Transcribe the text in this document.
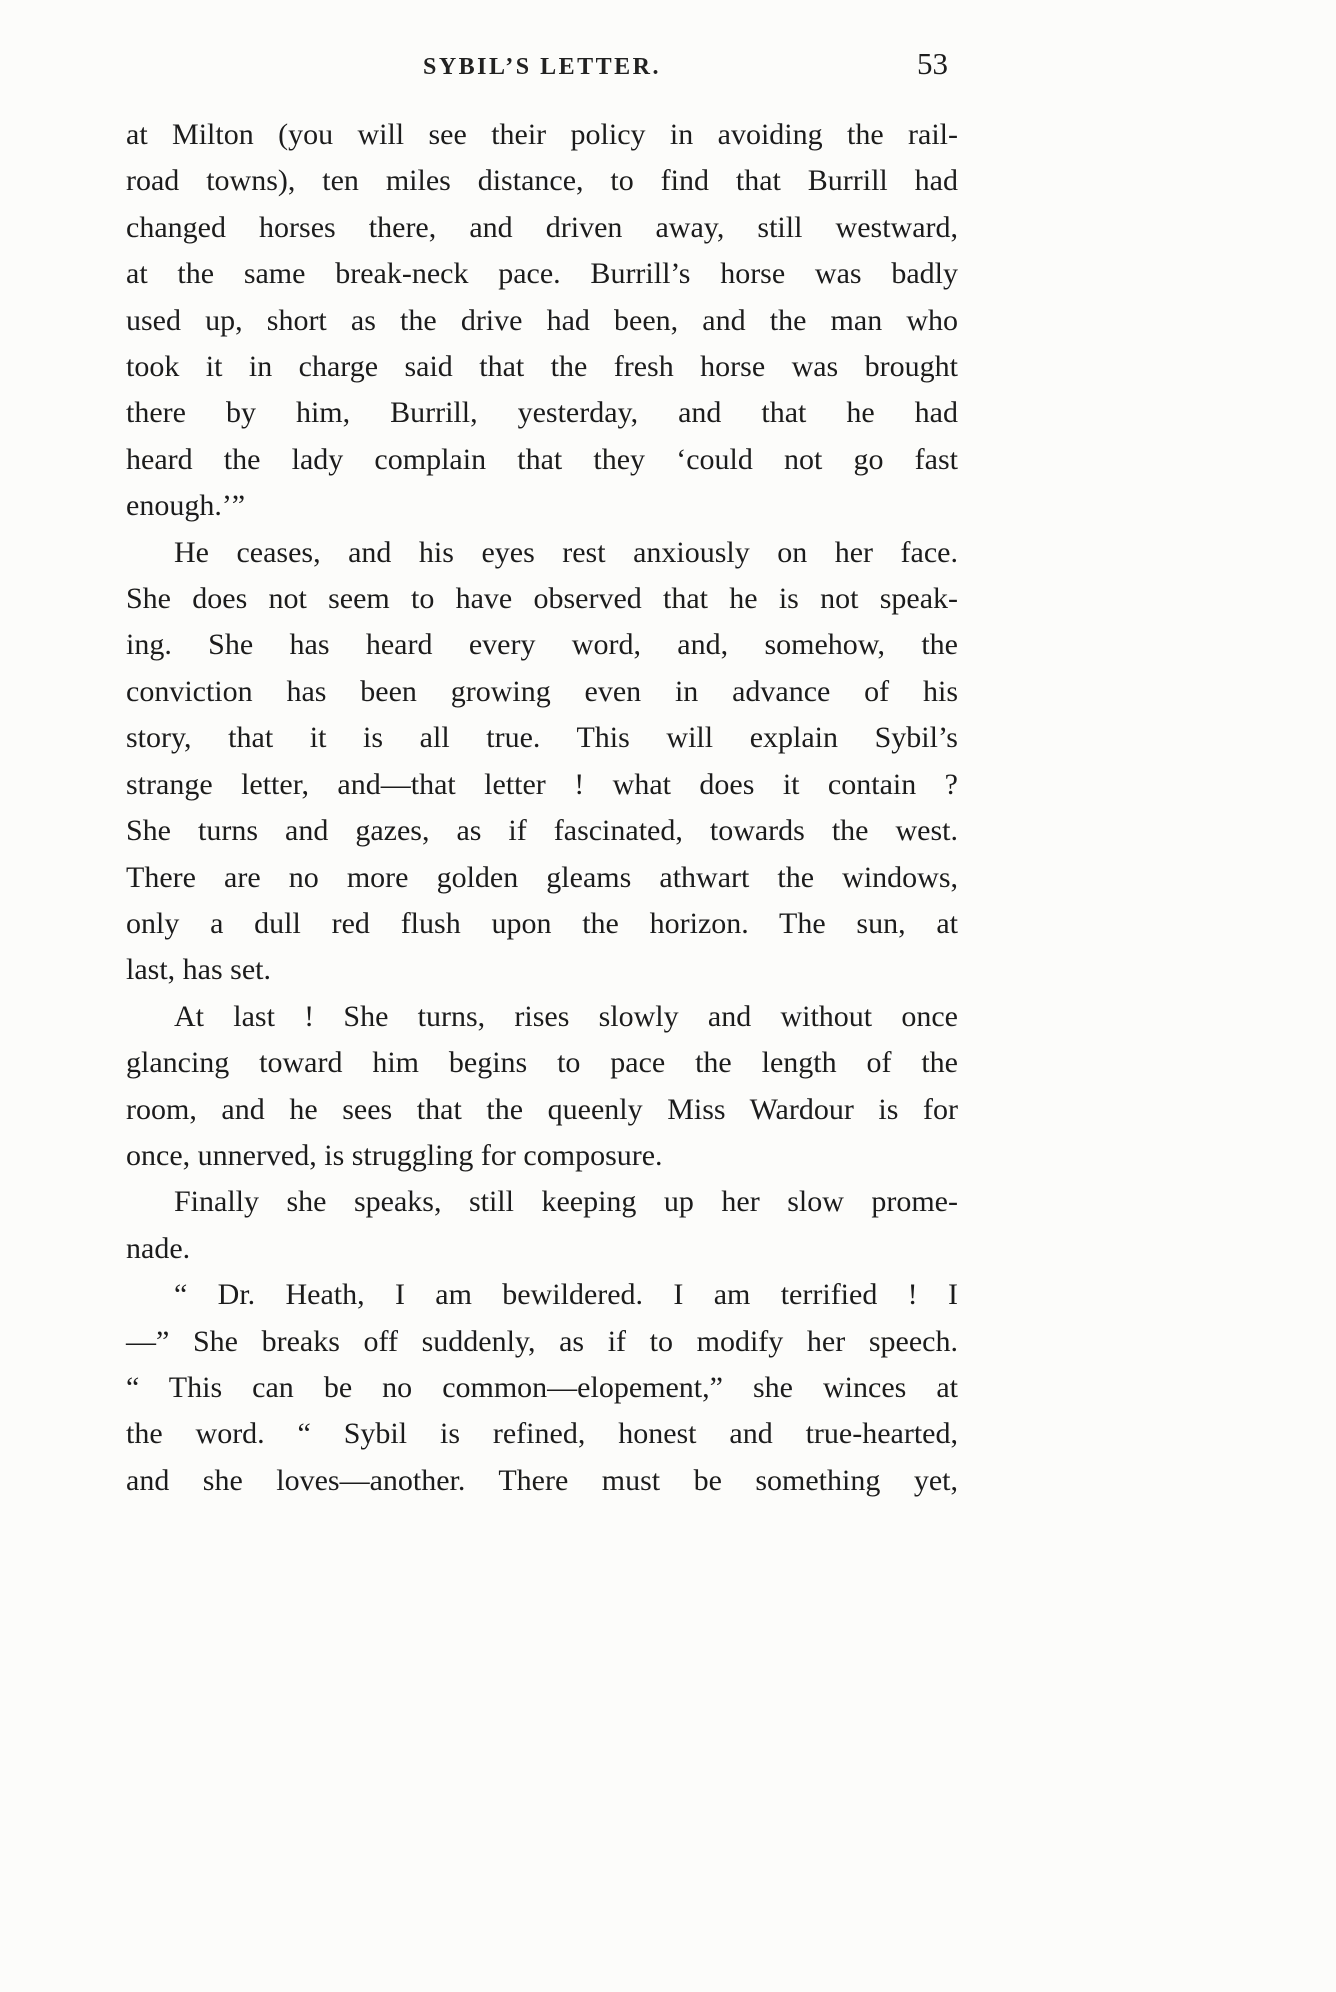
SYBIL’S LETTER.	53
at Milton (you will see their policy in avoiding the rail-
road towns), ten miles distance, to find that Burrill had
changed horses there, and driven away, still westward,
at the same break-neck pace. Burrill’s horse was badly
used up, short as the drive had been, and the man who
took it in charge said that the fresh horse was brought
there by him, Burrill, yesterday, and that he had
heard the lady complain that they ‘could not go fast
enough.’”
He ceases, and his eyes rest anxiously on her face.
She does not seem to have observed that he is not speak-
ing. She has heard every word, and, somehow, the
conviction has been growing even in advance of his
story, that it is all true. This will explain Sybil’s
strange letter, and—that letter ! what does it contain ?
She turns and gazes, as if fascinated, towards the west.
There are no more golden gleams athwart the windows,
only a dull red flush upon the horizon. The sun, at
last, has set.
At last ! She turns, rises slowly and without once
glancing toward him begins to pace the length of the
room, and he sees that the queenly Miss Wardour is for
once, unnerved, is struggling for composure.
Finally she speaks, still keeping up her slow prome-
nade.
“ Dr. Heath, I am bewildered. I am terrified ! I
—” She breaks off suddenly, as if to modify her speech.
“ This can be no common—elopement,” she winces at
the word. “ Sybil is refined, honest and true-hearted,
and she loves—another. There must be something yet,
